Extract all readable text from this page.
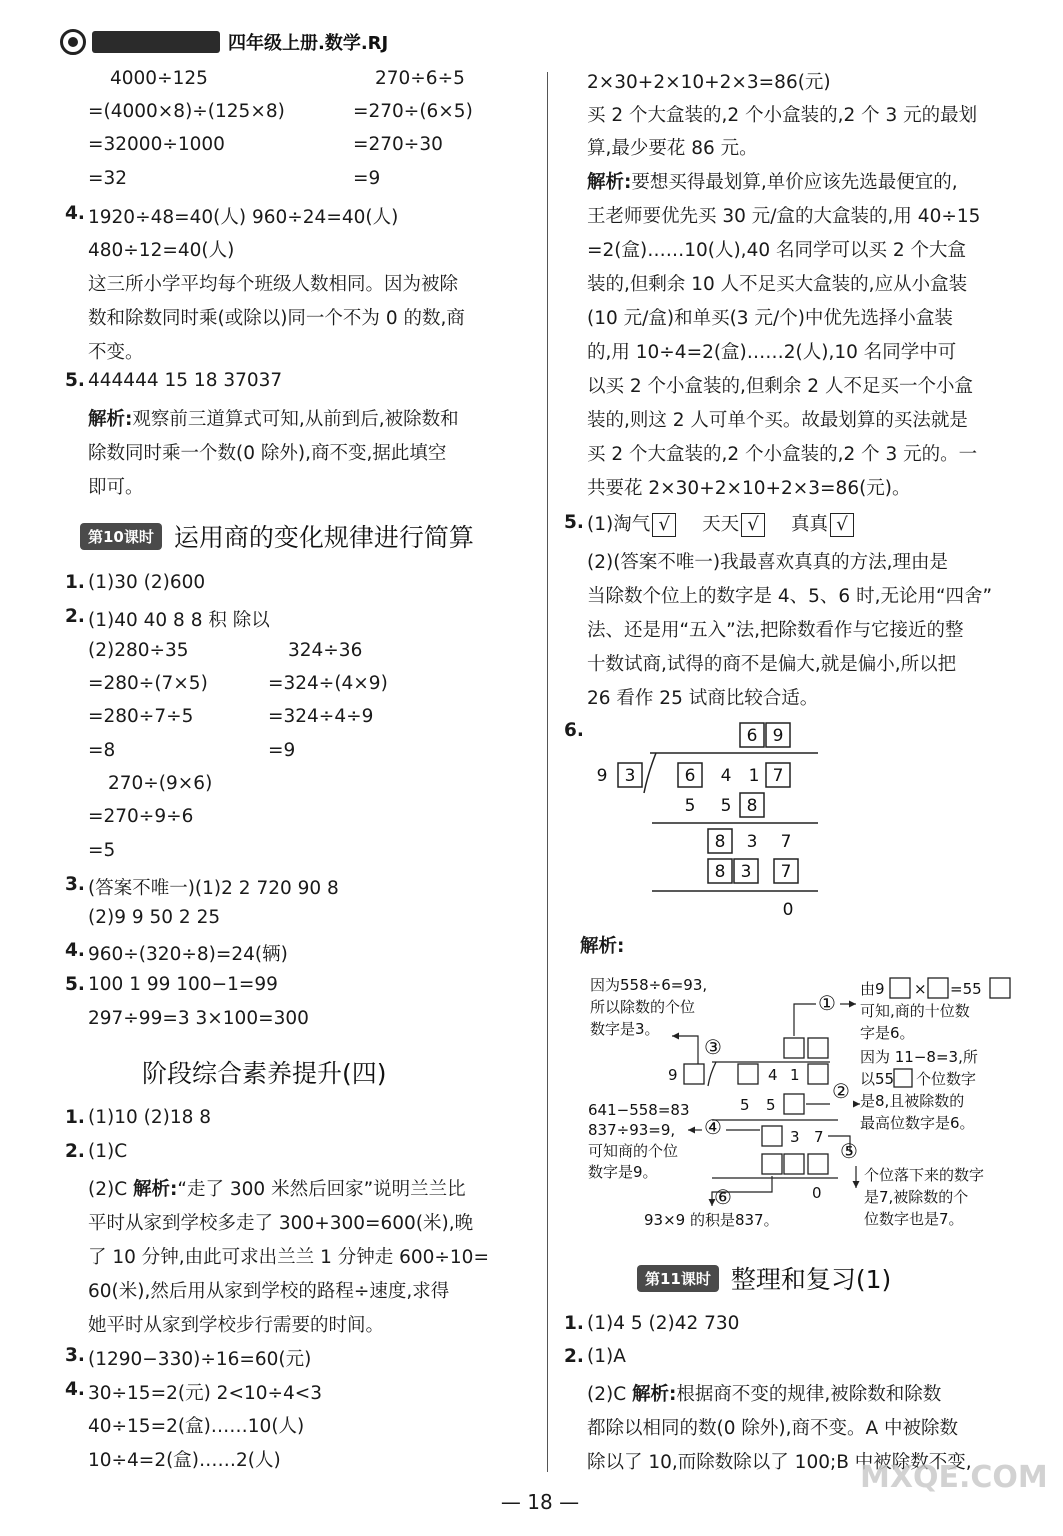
四年级上册.数学.RJ
4000÷125	270÷6÷5
=(4000×8)÷(125×8)	=270÷(6×5)
=32000÷1000	=270÷30
=32	=9
4. 1920÷48=40(人) 960÷24=40(人)
480÷12=40(人)
这三所小学平均每个班级人数相同。因为被除
数和除数同时乘(或除以)同一个不为 0 的数,商
不变。
5. 444444 15 18 37037
解析:观察前三道算式可知,从前到后,被除数和
除数同时乘一个数(0 除外),商不变,据此填空
即可。
第10课时 运用商的变化规律进行简算
1. (1)30 (2)600
2. (1)40 40 8 8 积 除以
(2)280÷35	324÷36
=280÷(7×5)	=324÷(4×9)
=280÷7÷5	=324÷4÷9
=8	=9
270÷(9×6)
=270÷9÷6
=5
3. (答案不唯一)(1)2 2 720 90 8
(2)9 9 50 2 25
4. 960÷(320÷8)=24(辆)
5. 100 1 99 100−1=99
297÷99=3 3×100=300
阶段综合素养提升(四)
1. (1)10 (2)18 8
2. (1)C
(2)C 解析:“走了 300 米然后回家”说明兰兰比
平时从家到学校多走了 300+300=600(米),晚
了 10 分钟,由此可求出兰兰 1 分钟走 600÷10=
60(米),然后用从家到学校的路程÷速度,求得
她平时从家到学校步行需要的时间。
3. (1290−330)÷16=60(元)
4. 30÷15=2(元) 2<10÷4<3
40÷15=2(盒)……10(人)
10÷4=2(盒)……2(人)
2×30+2×10+2×3=86(元)
买 2 个大盒装的,2 个小盒装的,2 个 3 元的最划
算,最少要花 86 元。
解析:要想买得最划算,单价应该先选最便宜的,
王老师要优先买 30 元/盒的大盒装的,用 40÷15
=2(盒)……10(人),40 名同学可以买 2 个大盒
装的,但剩余 10 人不足买大盒装的,应从小盒装
(10 元/盒)和单买(3 元/个)中优先选择小盒装
的,用 10÷4=2(盒)……2(人),10 名同学中可
以买 2 个小盒装的,但剩余 2 人不足买一个小盒
装的,则这 2 人可单个买。故最划算的买法就是
买 2 个大盒装的,2 个小盒装的,2 个 3 元的。一
共要花 2×30+2×10+2×3=86(元)。
5. (1)淘气 √ 天天 √ 真真 √
(2)(答案不唯一)我最喜欢真真的方法,理由是
当除数个位上的数字是 4、5、6 时,无论用“四舍”
法、还是用“五入”法,把除数看作与它接近的整
十数试商,试得的商不是偏大,就是偏小,所以把
26 看作 25 试商比较合适。
6.	6 9
9 3	6 4 1 7
5 5 8
8 3 7
8 3 7
0
解析:
因为558÷6=93,
所以除数的个位
数字是3。
641−558=83
837÷93=9,
可知商的个位
数字是9。
93×9 的积是837。
由9 × =55
可知,商的十位数
字是6。
因为 11−8=3,所
以55 个位数字
是8,且被除数的
最高位数字是6。
个位落下来的数字
是7,被除数的个
位数字也是7。
9	4 1
5 5
3 7
0
①
③
②
④
⑤
⑥
第11课时 整理和复习(1)
1. (1)4 5 (2)42 730
2. (1)A
(2)C 解析:根据商不变的规律,被除数和除数
都除以相同的数(0 除外),商不变。A 中被除数
除以了 10,而除数除以了 100;B 中被除数不变,
— 18 —
MXQE.COM
